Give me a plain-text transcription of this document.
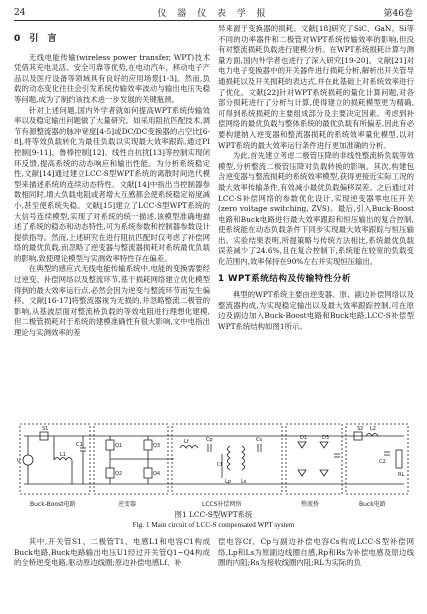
24	仪 器 仪 表 学 报	第46卷
0 引 言

无线电能传输(wireless power transfer, WPT)技术凭借其充电灵活、安全可靠等优势,在电动汽车、移动电子产品以及医疗设备等领域具有良好的应用场景[1-3]。然而,负载的动态变化往往会引发系统传输效率波动与输出电压失稳等问题,成为了制约该技术进一步发展的关键瓶颈。

针对上述问题,国内外学者就如何提高WPT系统传输效率以及稳定输出问题做了大量研究。如采用阻抗匹配技术,调节有源整流器的脉冲宽度[4-5]或DC/DC变换器的占空比[6-8],将等效负载转化为最佳负载以实现最大效率跟踪,通过PI控制[9-11]、鲁棒控制[12]、线性自抗扰[13]等控制实现闭环反馈,提高系统的动态响应和输出性能。为分析系统稳定性,文献[14]通过建立LCC-S型WPT系统的离散时间迭代模型来描述系统的连续动态特性。文献[14]中指出当控制器参数相同时,增大负载电阻或者增大互感都会使系统稳定裕度减小,甚至使系统失稳。文献[15]建立了LCC-S型WPT系统的大信号连续模型,实现了对系统的统一描述,该模型准确地描述了系统的稳态和动态特性,可为系统参数和控制器参数设计提供指导。然而,上述研究在进行阻抗匹配时仅考虑了补偿网络的最优负载,而忽略了逆变器与整流器损耗对系统最优负载的影响,致使理论模型与实测效率特性存在偏差。

在典型的感应式无线电能传输系统中,电能的变换需要经过逆变、补偿网络以及整流环节,基于损耗网络建立优化模型得到的最大效率运行点,必然会因为逆变与整流环节而发生偏移。文献[16-17]将整流器视为无损的,并忽略整流二极管的影响,从基波层面对整流桥负载的等效电阻进行理想化建模,但二极管损耗对于系统的建模准确性有很大影响,文中电指出理论与实测效率的差

异来源于变换器的损耗。文献[18]研究了SiC、GaN、Si等不同的功率器件和二极管对WPT系统传输效率的影响,但没有对整流损耗负载进行建模分析。在WPT系统损耗计算与测量方面,国内外学者也进行了深入研究[19-20]。文献[21]对电力电子变换器中的开关器件进行损耗分析,解析出开关管导通损耗以及开关损耗的表达式,并在此基础上对系统效率进行了优化。文献[22]针对WPT系统损耗的量化计算问题,对各部分损耗进行了分析与计算,使得建立的损耗模型更为精确,可得到系统损耗的主要组成部分及主要决定因素。考虑到补偿网络的最优负载与整体系统的最优负载有所偏差,因此有必要构建纳入逆变器和整流器损耗的系统效率量化模型,以对WPT系统的最大效率运行条件进行更加准确的分析。

为此,首先建立考虑二极管压降的非线性整流桥负载等效模型,分析整流二极管压降对负载转换的影响。其次,构建包含逆变器与整流损耗的系统效率模型,获得更接近实际工况的最大效率传输条件,有效减小最优负载偏移误差。之后通过对LCC-S补偿网络的参数优化设计,实现逆变器零电压开关(zero voltage switching, ZVS)。最后,引入Buck-Boost电路和Buck电路进行最大效率跟踪和恒压输出的复合控制,使系统能在动态负载条件下同步实现最大效率跟踪与恒压输出。实验结果表明,所提策略与传统方法相比,系统最优负载误差减少了24.6%,且在复合控制下,系统能在较宽的负载变化范围内,效率保持在90%左右并实现恒压输出。

1 WPT系统结构及传输特性分析

典型的WPT系统主要由逆变器、原、副边补偿网络以及整流器构成,为实现稳定输出以及最大效率跟踪控制,可在原边及副边加入Buck-Boost电路和Buck电路,LCC-S补偿型WPT系统结构如图1所示。

U
S1
L1
C1	Q1
Q2
Q3
Q4
Lf	Cp
Cf
Lp Ls
Cs	D1	D3
S2 L2
C2
RL
Buck-Boost电路	逆变器	LCCS补偿网络	整流桥	Buck电路
图1 LCC-S型WPT系统
Fig. 1 Main circuit of LCC-S compensated WPT system

其中,开关管S1、二极管T1、电感L1和电容C1构成Buck电路,Buck电路输出电压U1经过开关管Q1~Q4构成的全桥逆变电路,驱动原边线圈;原边补偿电感Lf、补

偿电容Cf、Cp与副边补偿电容Cs构成LCC-S型补偿网络,Lp和Ls为原副边线圈自感,Rp和Rs为补偿电感及原边线圈的内阻;Rs为接收线圈内阻;RL为实际的负
